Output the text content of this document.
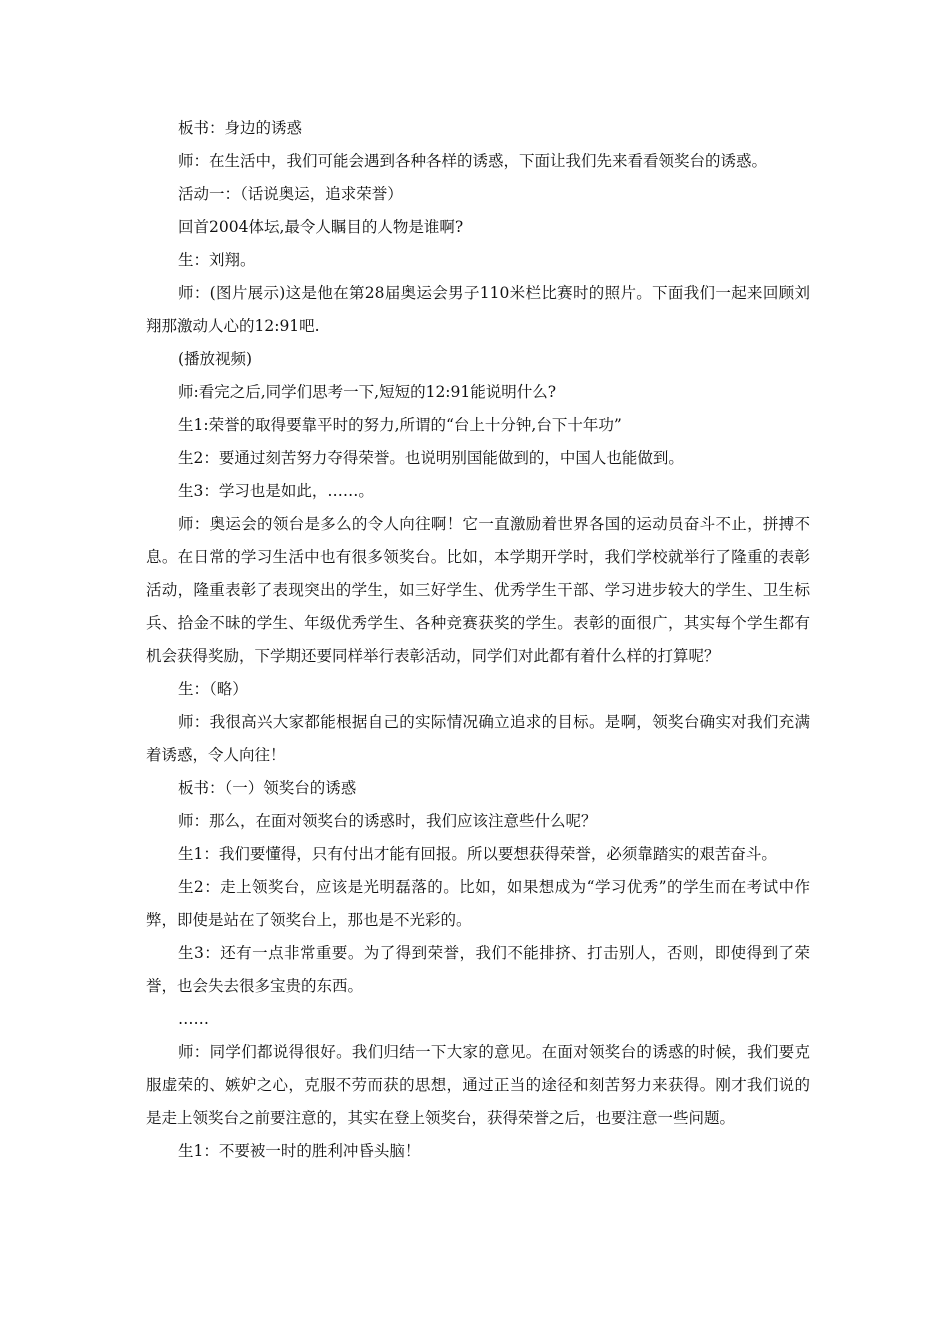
板书：身边的诱惑

师：在生活中，我们可能会遇到各种各样的诱惑，下面让我们先来看看领奖台的诱惑。

活动一：（话说奥运，追求荣誉）

回首2004体坛,最令人瞩目的人物是谁啊?

生：刘翔。

师：(图片展示)这是他在第28届奥运会男子110米栏比赛时的照片。下面我们一起来回顾刘翔那激动人心的12:91吧.

(播放视频)

师:看完之后,同学们思考一下,短短的12:91能说明什么?

生1:荣誉的取得要靠平时的努力,所谓的“台上十分钟,台下十年功”

生2：要通过刻苦努力夺得荣誉。也说明别国能做到的，中国人也能做到。

生3：学习也是如此，……。

师：奥运会的领台是多么的令人向往啊！它一直激励着世界各国的运动员奋斗不止，拼搏不息。在日常的学习生活中也有很多领奖台。比如，本学期开学时，我们学校就举行了隆重的表彰活动，隆重表彰了表现突出的学生，如三好学生、优秀学生干部、学习进步较大的学生、卫生标兵、拾金不昧的学生、年级优秀学生、各种竞赛获奖的学生。表彰的面很广，其实每个学生都有机会获得奖励，下学期还要同样举行表彰活动，同学们对此都有着什么样的打算呢？

生：（略）

师：我很高兴大家都能根据自己的实际情况确立追求的目标。是啊，领奖台确实对我们充满着诱惑，令人向往！

板书：（一）领奖台的诱惑

师：那么，在面对领奖台的诱惑时，我们应该注意些什么呢？

生1：我们要懂得，只有付出才能有回报。所以要想获得荣誉，必须靠踏实的艰苦奋斗。

生2：走上领奖台，应该是光明磊落的。比如，如果想成为“学习优秀”的学生而在考试中作弊，即使是站在了领奖台上，那也是不光彩的。

生3：还有一点非常重要。为了得到荣誉，我们不能排挤、打击别人，否则，即使得到了荣誉，也会失去很多宝贵的东西。

……

师：同学们都说得很好。我们归结一下大家的意见。在面对领奖台的诱惑的时候，我们要克服虚荣的、嫉妒之心，克服不劳而获的思想，通过正当的途径和刻苦努力来获得。刚才我们说的是走上领奖台之前要注意的，其实在登上领奖台，获得荣誉之后，也要注意一些问题。

生1：不要被一时的胜利冲昏头脑！
